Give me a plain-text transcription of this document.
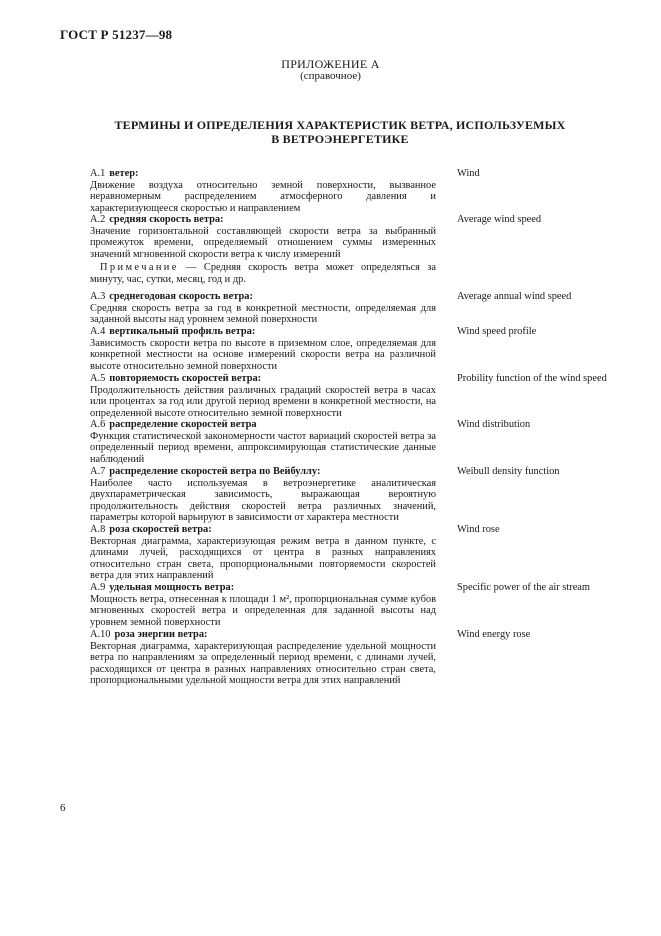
ГОСТ Р 51237—98
ПРИЛОЖЕНИЕ А
(справочное)
ТЕРМИНЫ И ОПРЕДЕЛЕНИЯ ХАРАКТЕРИСТИК ВЕТРА, ИСПОЛЬЗУЕМЫХ
В ВЕТРОЭНЕРГЕТИКЕ
А.1 ветер:
Движение воздуха относительно земной поверхности, вызванное неравномерным распределением атмосферного давления и характеризующееся скоростью и направлением
Wind
А.2 средняя скорость ветра:
Значение горизонтальной составляющей скорости ветра за выбранный промежуток времени, определяемый отношением суммы измеренных значений мгновенной скорости ветра к числу измерений
Примечание — Средняя скорость ветра может определяться за минуту, час, сутки, месяц, год и др.
Average wind speed
А.3 среднегодовая скорость ветра:
Средняя скорость ветра за год в конкретной местности, определяемая для заданной высоты над уровнем земной поверхности
Average annual wind speed
А.4 вертикальный профиль ветра:
Зависимость скорости ветра по высоте в приземном слое, определяемая для конкретной местности на основе измерений скорости ветра на различной высоте относительно земной поверхности
Wind speed profile
А.5 повторяемость скоростей ветра:
Продолжительность действия различных градаций скоростей ветра в часах или процентах за год или другой период времени в конкретной местности, на определенной высоте относительно земной поверхности
Probility function of the wind speed
А.6 распределение скоростей ветра
Функция статистической закономерности частот вариаций скоростей ветра за определенный период времени, аппроксимирующая статистические данные наблюдений
Wind distribution
А.7 распределение скоростей ветра по Вейбуллу:
Наиболее часто используемая в ветроэнергетике аналитическая двухпараметрическая зависимость, выражающая вероятную продолжительность действия скоростей ветра различных значений, параметры которой варьируют в зависимости от характера местности
Weibull density function
А.8 роза скоростей ветра:
Векторная диаграмма, характеризующая режим ветра в данном пункте, с длинами лучей, расходящихся от центра в разных направлениях относительно стран света, пропорциональными повторяемости скоростей ветра для этих направлений
Wind rose
А.9 удельная мощность ветра:
Мощность ветра, отнесенная к площади 1 м², пропорциональная сумме кубов мгновенных скоростей ветра и определенная для заданной высоты над уровнем земной поверхности
Specific power of the air stream
А.10 роза энергии ветра:
Векторная диаграмма, характеризующая распределение удельной мощности ветра по направлениям за определенный период времени, с длинами лучей, расходящихся от центра в разных направлениях относительно стран света, пропорциональными удельной мощности ветра для этих направлений
Wind energy rose
6
